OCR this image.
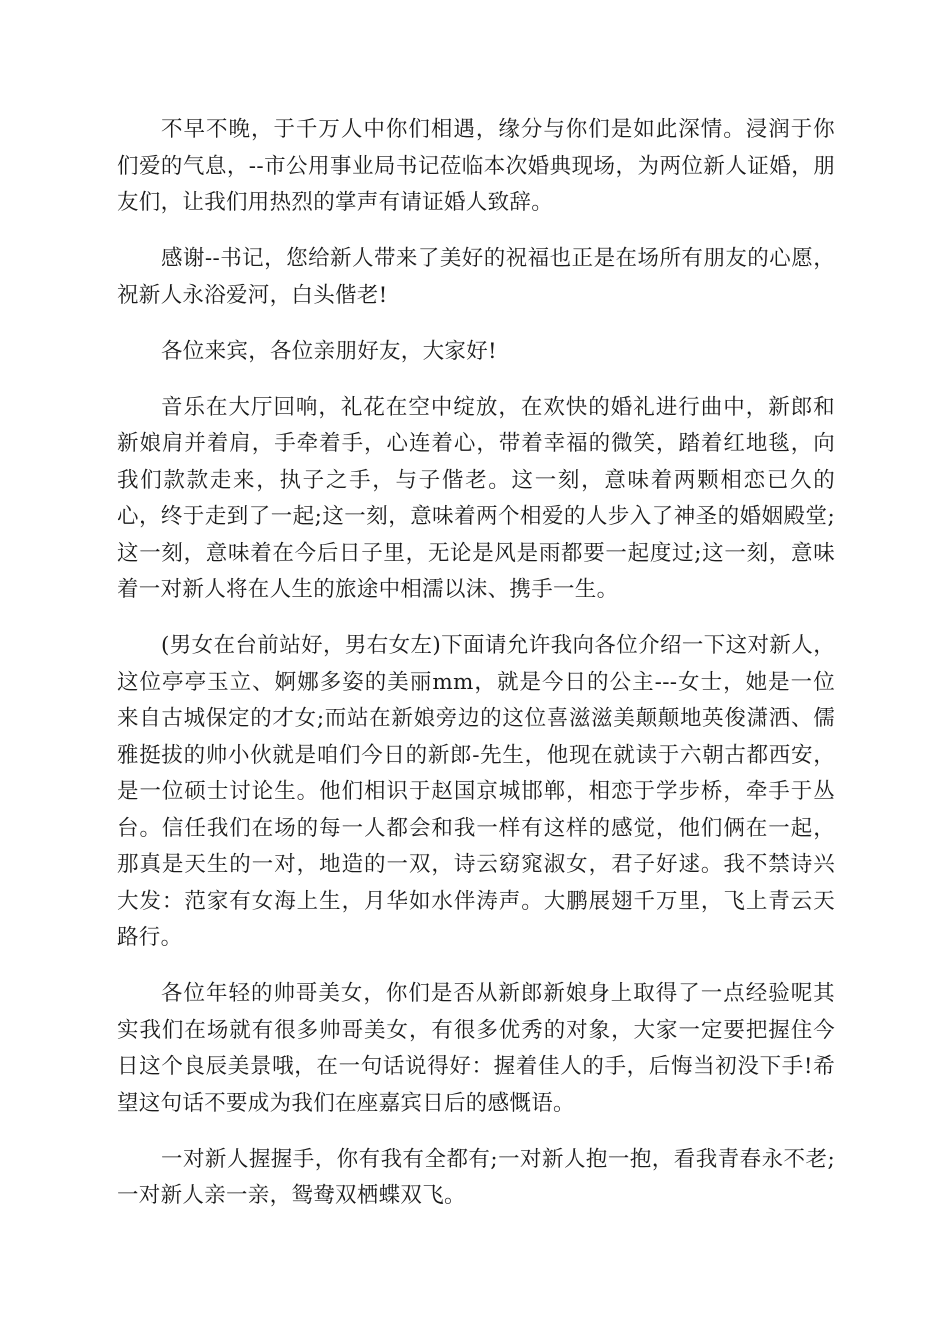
不早不晚，于千万人中你们相遇，缘分与你们是如此深情。浸润于你们爱的气息，--市公用事业局书记莅临本次婚典现场，为两位新人证婚，朋友们，让我们用热烈的掌声有请证婚人致辞。

感谢--书记，您给新人带来了美好的祝福也正是在场所有朋友的心愿，祝新人永浴爱河，白头偕老!

各位来宾，各位亲朋好友，大家好!

音乐在大厅回响，礼花在空中绽放，在欢快的婚礼进行曲中，新郎和新娘肩并着肩，手牵着手，心连着心，带着幸福的微笑，踏着红地毯，向我们款款走来，执子之手，与子偕老。这一刻，意味着两颗相恋已久的心，终于走到了一起;这一刻，意味着两个相爱的人步入了神圣的婚姻殿堂;这一刻，意味着在今后日子里，无论是风是雨都要一起度过;这一刻，意味着一对新人将在人生的旅途中相濡以沫、携手一生。

(男女在台前站好，男右女左)下面请允许我向各位介绍一下这对新人，这位亭亭玉立、婀娜多姿的美丽mm，就是今日的公主---女士，她是一位来自古城保定的才女;而站在新娘旁边的这位喜滋滋美颠颠地英俊潇洒、儒雅挺拔的帅小伙就是咱们今日的新郎-先生，他现在就读于六朝古都西安，是一位硕士讨论生。他们相识于赵国京城邯郸，相恋于学步桥，牵手于丛台。信任我们在场的每一人都会和我一样有这样的感觉，他们俩在一起，那真是天生的一对，地造的一双，诗云窈窕淑女，君子好逑。我不禁诗兴大发：范家有女海上生，月华如水伴涛声。大鹏展翅千万里，飞上青云天路行。

各位年轻的帅哥美女，你们是否从新郎新娘身上取得了一点经验呢其实我们在场就有很多帅哥美女，有很多优秀的对象，大家一定要把握住今日这个良辰美景哦，在一句话说得好：握着佳人的手，后悔当初没下手!希望这句话不要成为我们在座嘉宾日后的感慨语。

一对新人握握手，你有我有全都有;一对新人抱一抱，看我青春永不老;一对新人亲一亲，鸳鸯双栖蝶双飞。
